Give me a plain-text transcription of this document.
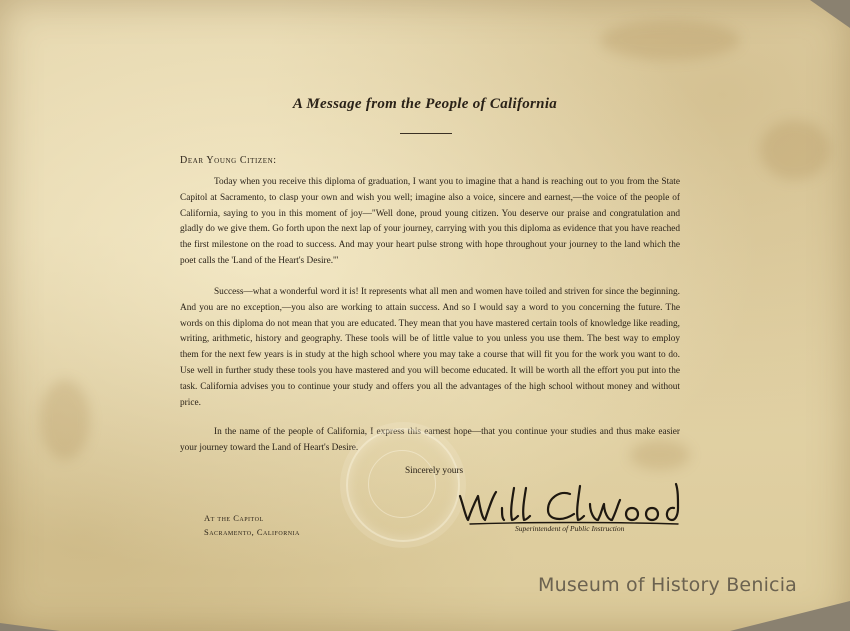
A Message from the People of California
Dear Young Citizen:

Today when you receive this diploma of graduation, I want you to imagine that a hand is reaching out to you from the State Capitol at Sacramento, to clasp your own and wish you well; imagine also a voice, sincere and earnest,—the voice of the people of California, saying to you in this moment of joy—"Well done, proud young citizen. You deserve our praise and congratulation and gladly do we give them. Go forth upon the next lap of your journey, carrying with you this diploma as evidence that you have reached the first milestone on the road to success. And may your heart pulse strong with hope throughout your journey to the land which the poet calls the 'Land of the Heart's Desire.'"

Success—what a wonderful word it is! It represents what all men and women have toiled and striven for since the beginning. And you are no exception,—you also are working to attain success. And so I would say a word to you concerning the future. The words on this diploma do not mean that you are educated. They mean that you have mastered certain tools of knowledge like reading, writing, arithmetic, history and geography. These tools will be of little value to you unless you use them. The best way to employ them for the next few years is in study at the high school where you may take a course that will fit you for the work you want to do. Use well in further study these tools you have mastered and you will become educated. It will be worth all the effort you put into the task. California advises you to continue your study and offers you all the advantages of the high school without money and without price.

In the name of the people of California, I express this earnest hope—that you continue your studies and thus make easier your journey toward the Land of Heart's Desire.

Sincerely yours
Superintendent of Public Instruction
At the Capitol
Sacramento, California
Museum of History Benicia
